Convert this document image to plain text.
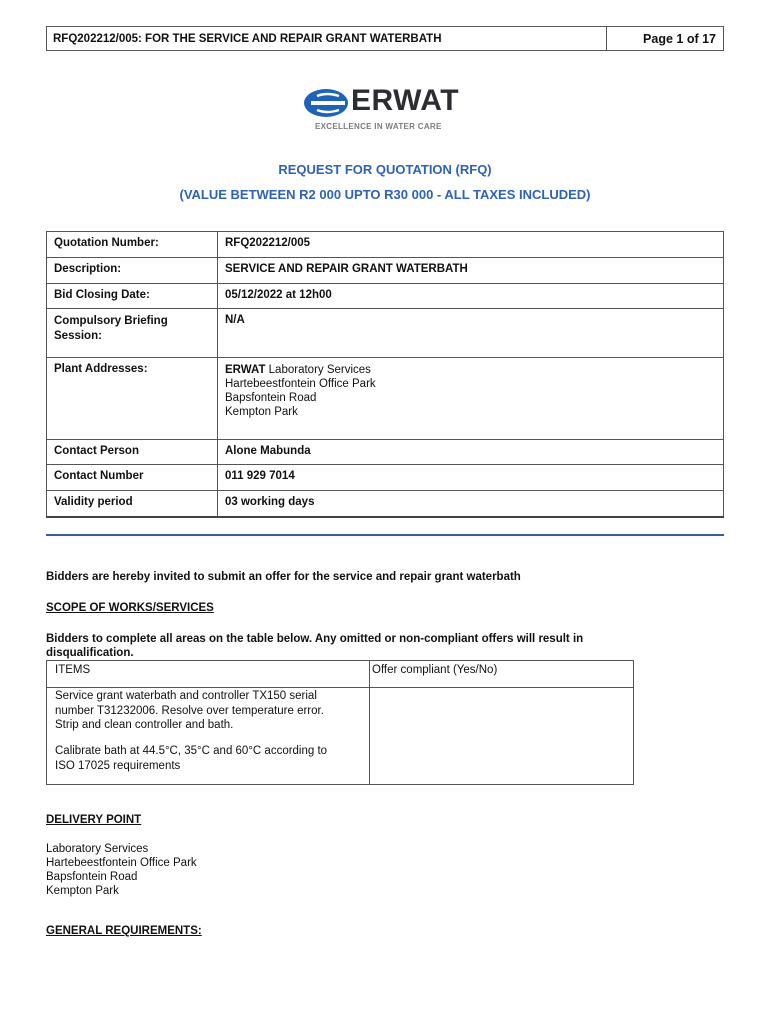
RFQ202212/005: FOR THE SERVICE AND REPAIR GRANT WATERBATH	Page 1 of 17
ERWAT
EXCELLENCE IN WATER CARE
REQUEST FOR QUOTATION (RFQ)
(VALUE BETWEEN R2 000 UPTO R30 000 - ALL TAXES INCLUDED)
Quotation Number:	RFQ202212/005
Description:	SERVICE AND REPAIR GRANT WATERBATH
Bid Closing Date:	05/12/2022 at 12h00
Compulsory Briefing
Session:	N/A
Plant Addresses:	ERWAT Laboratory Services
Hartebeestfontein Office Park
Bapsfontein Road
Kempton Park
Contact Person	Alone Mabunda
Contact Number	011 929 7014
Validity period	03 working days
Bidders are hereby invited to submit an offer for the service and repair grant waterbath
SCOPE OF WORKS/SERVICES
Bidders to complete all areas on the table below. Any omitted or non-compliant offers will result in
disqualification.
ITEMS	Offer compliant (Yes/No)
Service grant waterbath and controller TX150 serial
number T31232006. Resolve over temperature error.
Strip and clean controller and bath.
Calibrate bath at 44.5°C, 35°C and 60°C according to
ISO 17025 requirements
DELIVERY POINT
Laboratory Services
Hartebeestfontein Office Park
Bapsfontein Road
Kempton Park
GENERAL REQUIREMENTS:
